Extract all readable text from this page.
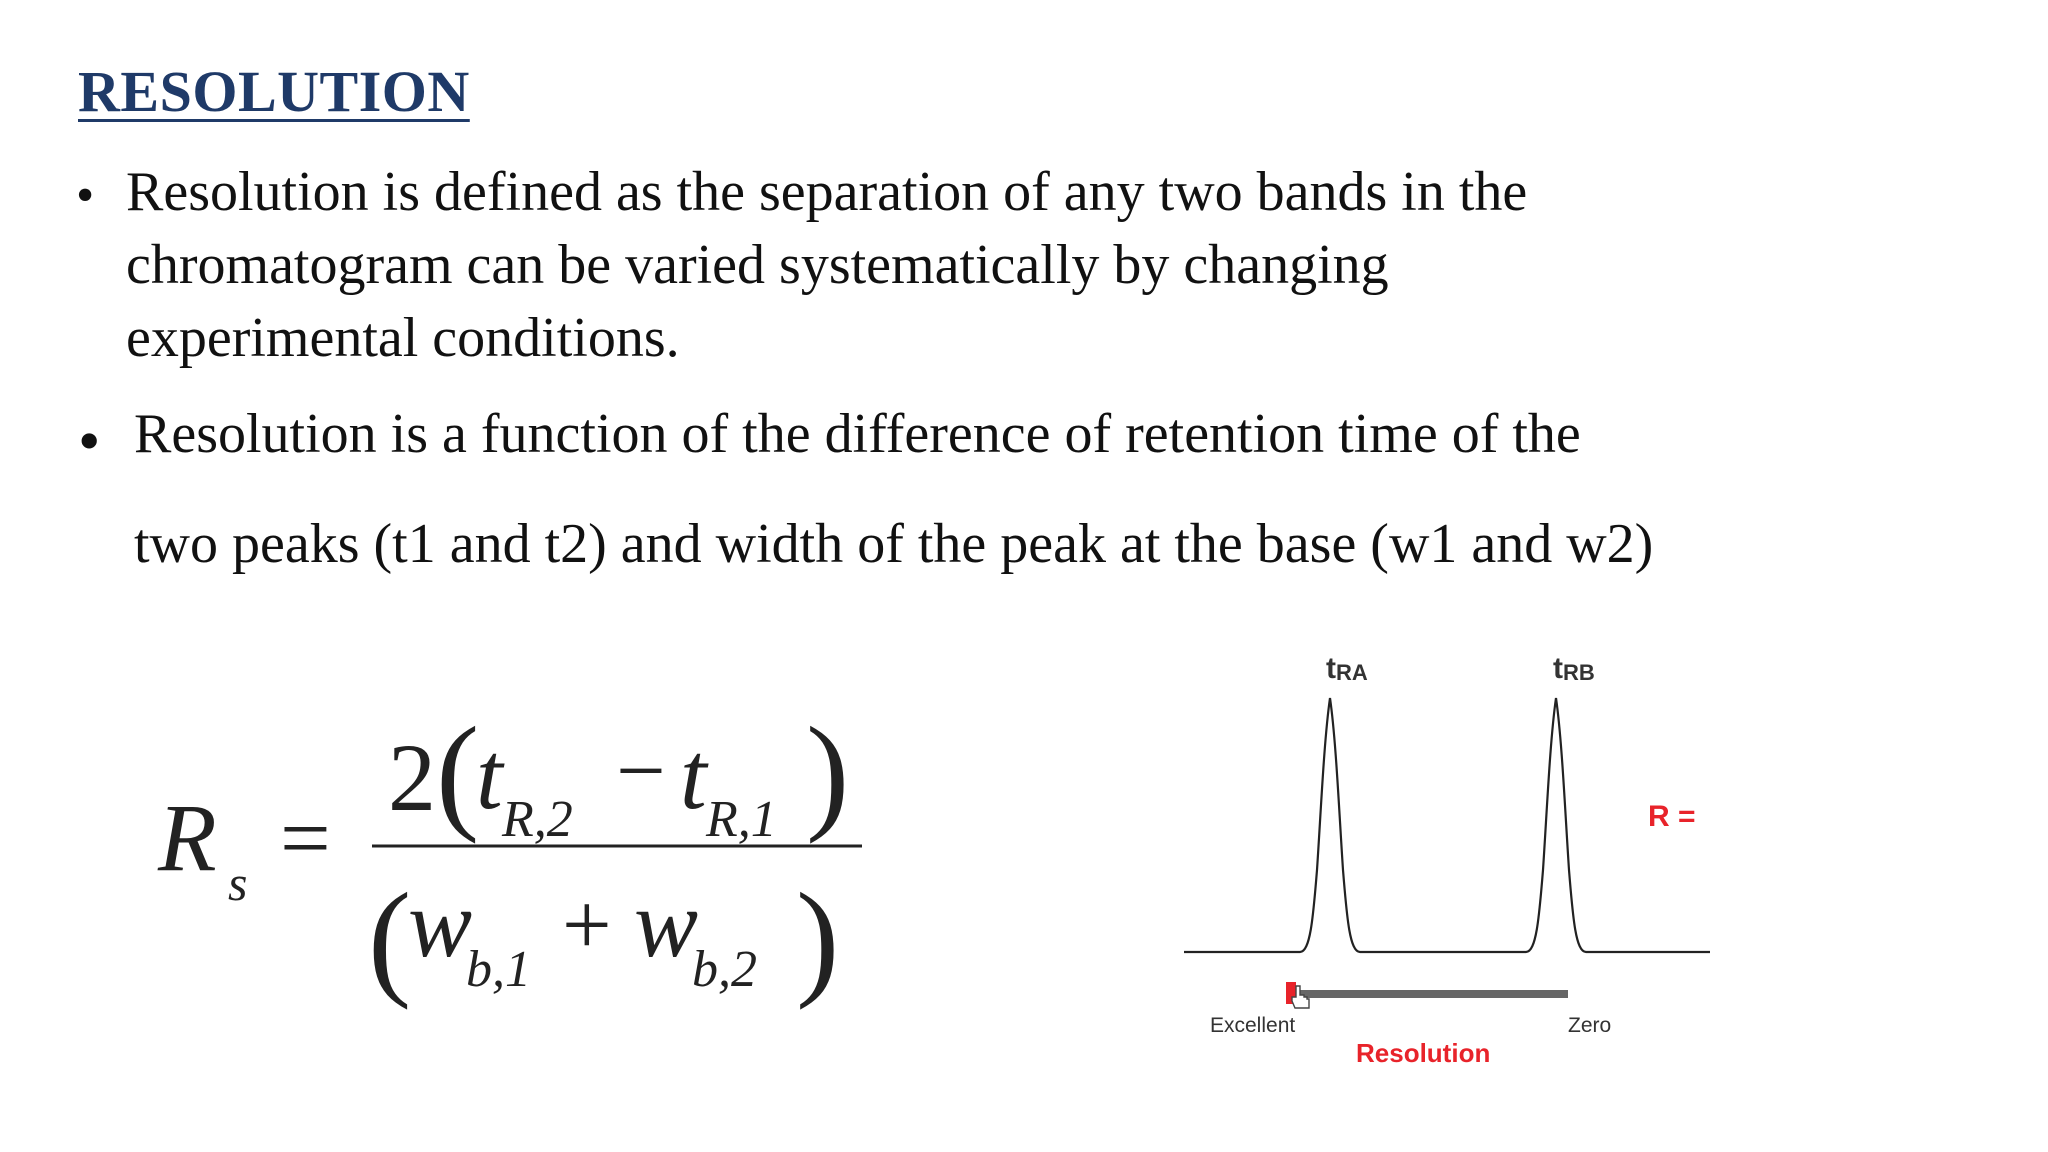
RESOLUTION
• Resolution is defined as the separation of any two bands in the
chromatogram can be varied systematically by changing
experimental conditions.
• Resolution is a function of the difference of retention time of the
two peaks (t1 and t2) and width of the peak at the base (w1 and w2)
R s =
2 (
t R,2 − t R,1 )
(
w
b,1 + w
b,2 )
tRA	tRB
R =
Excellent	Zero
Resolution
